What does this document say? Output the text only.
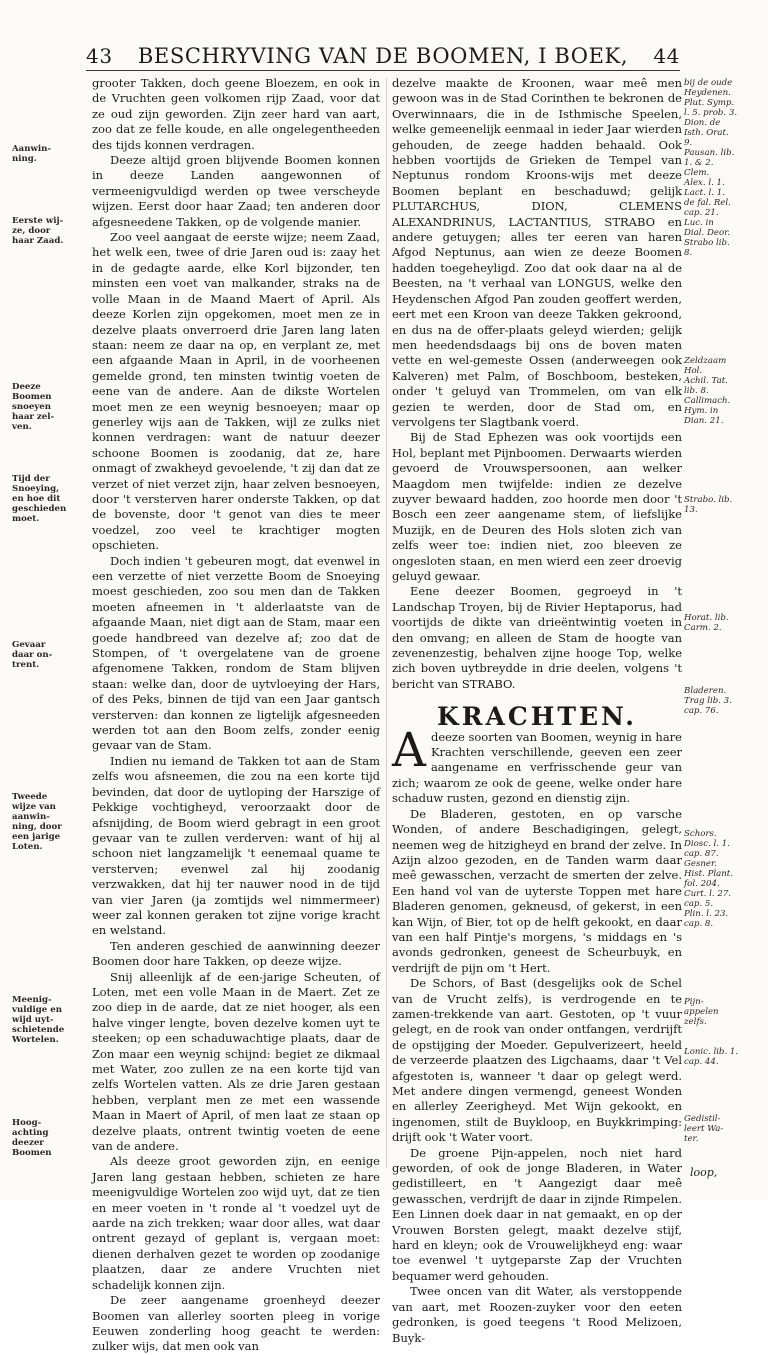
43 BESCHRYVING VAN DE BOOMEN, I BOEK, 44
Aanwin-
ning.
Eerste wij-
ze, door
haar Zaad.
Deeze
Boomen
snoeyen
haar zel-
ven.
Tijd der
Snoeying,
en hoe dit
geschieden
moet.
Gevaar
daar on-
trent.
Tweede
wijze van
aanwin-
ning, door
een jarige
Loten.
Meenig-
vuldige en
wijd uyt-
schietende
Wortelen.
Hoog-
achting
deezer
Boomen
bij de oude
Heydenen.
Plut. Symp.
l. 5. prob. 3.
Dion. de
Isth. Orat.
9.
Pausan. lib.
1. & 2.
Clem.
Alex. l. 1.
Lact. l. 1.
de fal. Rel.
cap. 21.
Luc. in
Dial. Deor.
Strabo lib.
8.
Zeldzaam
Hol.
Achil. Tat.
lib. 8.
Callimach.
Hym. in
Dian. 21.
Strabo. lib.
13.
Horat. lib.
Carm. 2.
Bladeren.
Trag lib. 3.
cap. 76.
Schors.
Diosc. l. 1.
cap. 87.
Gesner.
Hist. Plant.
fol. 204.
Curt. l. 27.
cap. 5.
Plin. l. 23.
cap. 8.
Pijn-
appelen
zelfs.
Lonic. lib. 1.
cap. 44.
Gedistil-
leert Wa-
ter.

grooter Takken, doch geene Bloezem, en ook in de Vruchten geen volkomen rijp Zaad, voor dat ze oud zijn geworden. Zijn zeer hard van aart, zoo dat ze felle koude, en alle ongelegentheeden des tijds konnen verdragen.

Deeze altijd groen blijvende Boomen konnen in deeze Landen aangewonnen of vermeenigvuldigd werden op twee verscheyde wijzen. Eerst door haar Zaad; ten anderen door afgesneedene Takken, op de volgende manier.

Zoo veel aangaat de eerste wijze; neem Zaad, het welk een, twee of drie Jaren oud is: zaay het in de gedagte aarde, elke Korl bijzonder, ten minsten een voet van malkander, straks na de volle Maan in de Maand Maert of April. Als deeze Korlen zijn opgekomen, moet men ze in dezelve plaats onverroerd drie Jaren lang laten staan: neem ze daar na op, en verplant ze, met een afgaande Maan in April, in de voorheenen gemelde grond, ten minsten twintig voeten de eene van de andere. Aan de dikste Wortelen moet men ze een weynig besnoeyen; maar op generley wijs aan de Takken, wijl ze zulks niet konnen verdragen: want de natuur deezer schoone Boomen is zoodanig, dat ze, hare onmagt of zwakheyd gevoelende, 't zij dan dat ze verzet of niet verzet zijn, haar zelven besnoeyen, door 't versterven harer onderste Takken, op dat de bovenste, door 't genot van dies te meer voedzel, zoo veel te krachtiger mogten opschieten.

Doch indien 't gebeuren mogt, dat evenwel in een verzette of niet verzette Boom de Snoeying moest geschieden, zoo sou men dan de Takken moeten afneemen in 't alderlaatste van de afgaande Maan, niet digt aan de Stam, maar een goede handbreed van dezelve af; zoo dat de Stompen, of 't overgelatene van de groene afgenomene Takken, rondom de Stam blijven staan: welke dan, door de uytvloeying der Hars, of des Peks, binnen de tijd van een Jaar gantsch versterven: dan konnen ze ligtelijk afgesneeden werden tot aan den Boom zelfs, zonder eenig gevaar van de Stam.

Indien nu iemand de Takken tot aan de Stam zelfs wou afsneemen, die zou na een korte tijd bevinden, dat door de uytloping der Harszige of Pekkige vochtigheyd, veroorzaakt door de afsnijding, de Boom wierd gebragt in een groot gevaar van te zullen verderven: want of hij al schoon niet langzamelijk 't eenemaal quame te versterven; evenwel zal hij zoodanig verzwakken, dat hij ter nauwer nood in de tijd van vier Jaren (ja zomtijds wel nimmermeer) weer zal konnen geraken tot zijne vorige kracht en welstand.

Ten anderen geschied de aanwinning deezer Boomen door hare Takken, op deeze wijze.

Snij alleenlijk af de een-jarige Scheuten, of Loten, met een volle Maan in de Maert. Zet ze zoo diep in de aarde, dat ze niet hooger, als een halve vinger lengte, boven dezelve komen uyt te steeken; op een schaduwachtige plaats, daar de Zon maar een weynig schijnd: begiet ze dikmaal met Water, zoo zullen ze na een korte tijd van zelfs Wortelen vatten. Als ze drie Jaren gestaan hebben, verplant men ze met een wassende Maan in Maert of April, of men laat ze staan op dezelve plaats, ontrent twintig voeten de eene van de andere.

Als deeze groot geworden zijn, en eenige Jaren lang gestaan hebben, schieten ze hare meenigvuldige Wortelen zoo wijd uyt, dat ze tien en meer voeten in 't ronde al 't voedzel uyt de aarde na zich trekken; waar door alles, wat daar ontrent gezayd of geplant is, vergaan moet: dienen derhalven gezet te worden op zoodanige plaatzen, daar ze andere Vruchten niet schadelijk konnen zijn.

De zeer aangename groenheyd deezer Boomen van allerley soorten pleeg in vorige Eeuwen zonderling hoog geacht te werden: zulker wijs, dat men ook van

dezelve maakte de Kroonen, waar meê men gewoon was in de Stad Corinthen te bekronen de Overwinnaars, die in de Isthmische Speelen, welke gemeenelijk eenmaal in ieder Jaar wierden gehouden, de zeege hadden behaald. Ook hebben voortijds de Grieken de Tempel van Neptunus rondom Kroons-wijs met deeze Boomen beplant en beschaduwd; gelijk PLUTARCHUS, DION, CLEMENS ALEXANDRINUS, LACTANTIUS, STRABO en andere getuygen; alles ter eeren van haren Afgod Neptunus, aan wien ze deeze Boomen hadden toegeheyligd. Zoo dat ook daar na al de Beesten, na 't verhaal van LONGUS, welke den Heydenschen Afgod Pan zouden geoffert werden, eert met een Kroon van deeze Takken gekroond, en dus na de offer-plaats geleyd wierden; gelijk men heedendsdaags bij ons de boven maten vette en wel-gemeste Ossen (anderweegen ook Kalveren) met Palm, of Boschboom, besteken, onder 't geluyd van Trommelen, om van elk gezien te werden, door de Stad om, en vervolgens ter Slagtbank voerd.

Bij de Stad Ephezen was ook voortijds een Hol, beplant met Pijnboomen. Derwaarts wierden gevoerd de Vrouwspersoonen, aan welker Maagdom men twijfelde: indien ze dezelve zuyver bewaard hadden, zoo hoorde men door 't Bosch een zeer aangename stem, of liefslijke Muzijk, en de Deuren des Hols sloten zich van zelfs weer toe: indien niet, zoo bleeven ze ongesloten staan, en men wierd een zeer droevig geluyd gewaar.

Eene deezer Boomen, gegroeyd in 't Landschap Troyen, bij de Rivier Heptaporus, had voortijds de dikte van drieëntwintig voeten in den omvang; en alleen de Stam de hoogte van zevenenzestig, behalven zijne hooge Top, welke zich boven uytbreydde in drie deelen, volgens 't bericht van STRABO.

KRACHTEN.

Adeeze soorten van Boomen, weynig in hare Krachten verschillende, geeven een zeer aangename en verfrisschende geur van zich; waarom ze ook de geene, welke onder hare schaduw rusten, gezond en dienstig zijn.

De Bladeren, gestoten, en op varsche Wonden, of andere Beschadigingen, gelegt, neemen weg de hitzigheyd en brand der zelve. In Azijn alzoo gezoden, en de Tanden warm daar meê gewasschen, verzacht de smerten der zelve. Een hand vol van de uyterste Toppen met hare Bladeren genomen, gekneusd, of gekerst, in een kan Wijn, of Bier, tot op de helft gekookt, en daar van een half Pintje's morgens, 's middags en 's avonds gedronken, geneest de Scheurbuyk, en verdrijft de pijn om 't Hert.

De Schors, of Bast (desgelijks ook de Schel van de Vrucht zelfs), is verdrogende en te zamen-trekkende van aart. Gestoten, op 't vuur gelegt, en de rook van onder ontfangen, verdrijft de opstijging der Moeder. Gepulverizeert, heeld de verzeerde plaatzen des Ligchaams, daar 't Vel afgestoten is, wanneer 't daar op gelegt werd. Met andere dingen vermengd, geneest Wonden en allerley Zeerigheyd. Met Wijn gekookt, en ingenomen, stilt de Buykloop, en Buykkrimping: drijft ook 't Water voort.

De groene Pijn-appelen, noch niet hard geworden, of ook de jonge Bladeren, in Water gedistilleert, en 't Aangezigt daar meê gewasschen, verdrijft de daar in zijnde Rimpelen. Een Linnen doek daar in nat gemaakt, en op der Vrouwen Borsten gelegt, maakt dezelve stijf, hard en kleyn; ook de Vrouwelijkheyd eng: waar toe evenwel 't uytgeparste Zap der Vruchten bequamer werd gehouden.

Twee oncen van dit Water, als verstoppende van aart, met Roozen-zuyker voor den eeten gedronken, is goed teegens 't Rood Melizoen, Buyk-

loop,
